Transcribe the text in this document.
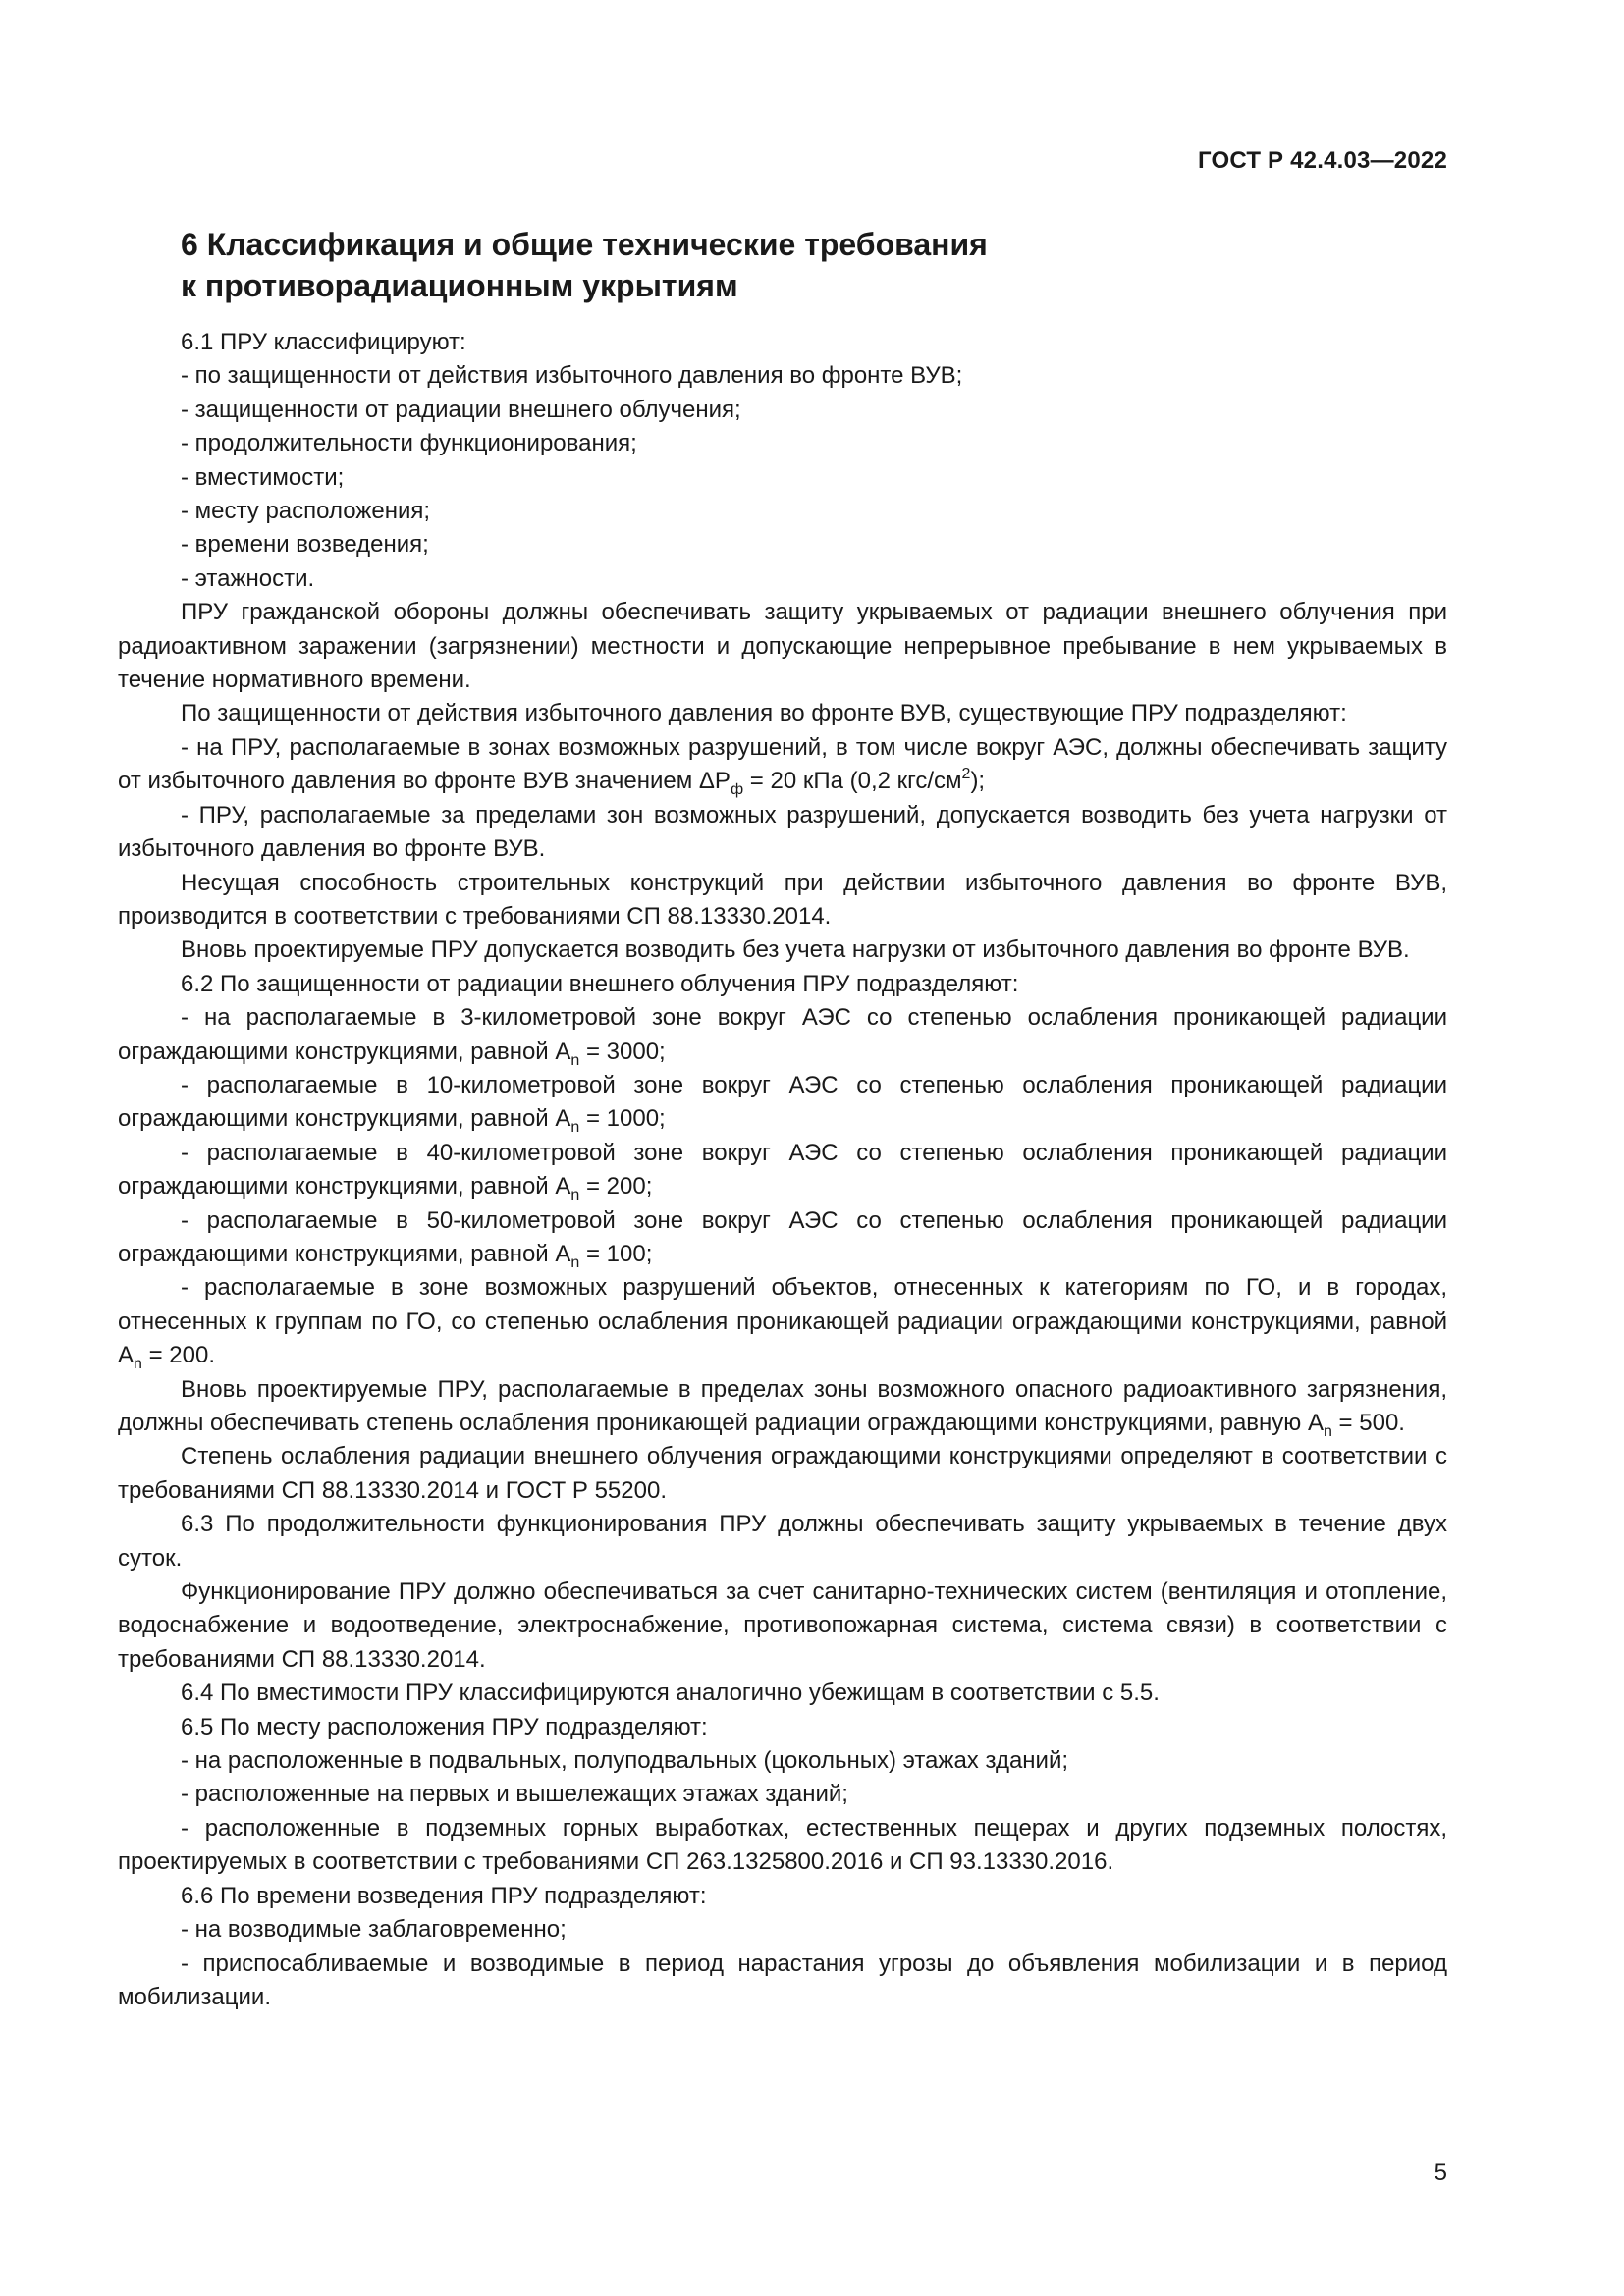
ГОСТ Р 42.4.03—2022
6 Классификация и общие технические требования
к противорадиационным укрытиям

6.1 ПРУ классифицируют:

- по защищенности от действия избыточного давления во фронте ВУВ;

- защищенности от радиации внешнего облучения;

- продолжительности функционирования;

- вместимости;

- месту расположения;

- времени возведения;

- этажности.

ПРУ гражданской обороны должны обеспечивать защиту укрываемых от радиации внешнего облучения при радиоактивном заражении (загрязнении) местности и допускающие непрерывное пребывание в нем укрываемых в течение нормативного времени.

По защищенности от действия избыточного давления во фронте ВУВ, существующие ПРУ подразделяют:

- на ПРУ, располагаемые в зонах возможных разрушений, в том числе вокруг АЭС, должны обеспечивать защиту от избыточного давления во фронте ВУВ значением $\Delta P_ф = 20$ кПа (0,2 кгс/$см^2$);

- ПРУ, располагаемые за пределами зон возможных разрушений, допускается возводить без учета нагрузки от избыточного давления во фронте ВУВ.

Несущая способность строительных конструкций при действии избыточного давления во фронте ВУВ, производится в соответствии с требованиями СП 88.13330.2014.

Вновь проектируемые ПРУ допускается возводить без учета нагрузки от избыточного давления во фронте ВУВ.

6.2 По защищенности от радиации внешнего облучения ПРУ подразделяют:

- на располагаемые в 3-километровой зоне вокруг АЭС со степенью ослабления проникающей радиации ограждающими конструкциями, равной $A_n = 3000$;

- располагаемые в 10-километровой зоне вокруг АЭС со степенью ослабления проникающей радиации ограждающими конструкциями, равной $A_n = 1000$;

- располагаемые в 40-километровой зоне вокруг АЭС со степенью ослабления проникающей радиации ограждающими конструкциями, равной $A_n = 200$;

- располагаемые в 50-километровой зоне вокруг АЭС со степенью ослабления проникающей радиации ограждающими конструкциями, равной $A_n = 100$;

- располагаемые в зоне возможных разрушений объектов, отнесенных к категориям по ГО, и в городах, отнесенных к группам по ГО, со степенью ослабления проникающей радиации ограждающими конструкциями, равной $A_n = 200$.

Вновь проектируемые ПРУ, располагаемые в пределах зоны возможного опасного радиоактивного загрязнения, должны обеспечивать степень ослабления проникающей радиации ограждающими конструкциями, равную $A_n = 500$.

Степень ослабления радиации внешнего облучения ограждающими конструкциями определяют в соответствии с требованиями СП 88.13330.2014 и ГОСТ Р 55200.

6.3 По продолжительности функционирования ПРУ должны обеспечивать защиту укрываемых в течение двух суток.

Функционирование ПРУ должно обеспечиваться за счет санитарно-технических систем (вентиляция и отопление, водоснабжение и водоотведение, электроснабжение, противопожарная система, система связи) в соответствии с требованиями СП 88.13330.2014.

6.4 По вместимости ПРУ классифицируются аналогично убежищам в соответствии с 5.5.

6.5 По месту расположения ПРУ подразделяют:

- на расположенные в подвальных, полуподвальных (цокольных) этажах зданий;

- расположенные на первых и вышележащих этажах зданий;

- расположенные в подземных горных выработках, естественных пещерах и других подземных полостях, проектируемых в соответствии с требованиями СП 263.1325800.2016 и СП 93.13330.2016.

6.6 По времени возведения ПРУ подразделяют:

- на возводимые заблаговременно;

- приспосабливаемые и возводимые в период нарастания угрозы до объявления мобилизации и в период мобилизации.

5
